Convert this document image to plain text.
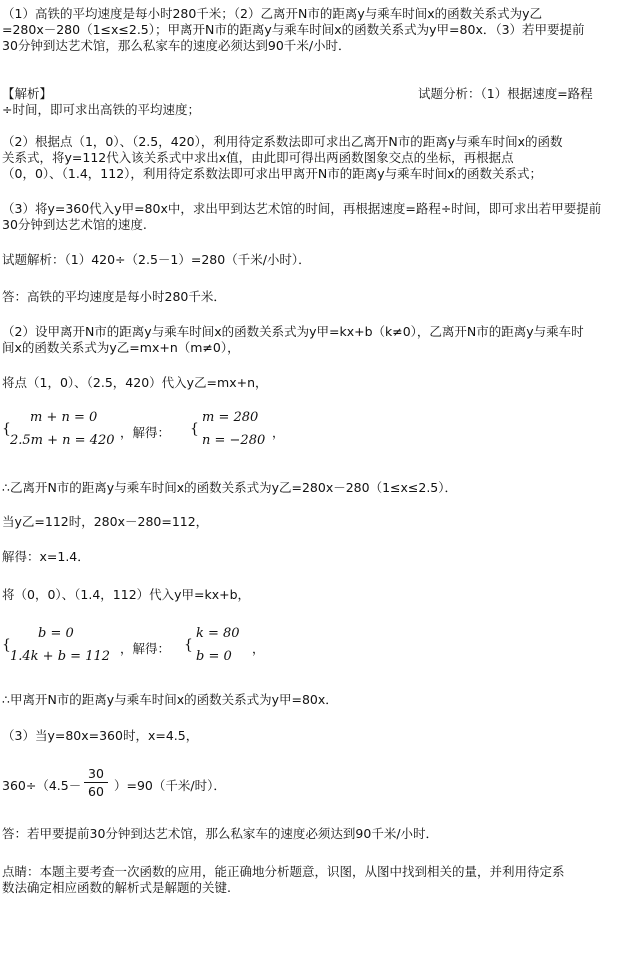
（1）高铁的平均速度是每小时280千米；（2）乙离开N市的距离y与乘车时间x的函数关系式为y乙
=280x－280（1≤x≤2.5）；甲离开N市的距离y与乘车时间x的函数关系式为y甲=80x．（3）若甲要提前
30分钟到达艺术馆，那么私家车的速度必须达到90千米/小时．
【解析】	试题分析：（1）根据速度=路程
÷时间，即可求出高铁的平均速度；
（2）根据点（1，0）、（2.5，420），利用待定系数法即可求出乙离开N市的距离y与乘车时间x的函数
关系式，将y=112代入该关系式中求出x值，由此即可得出两函数图象交点的坐标，再根据点
（0，0）、（1.4，112），利用待定系数法即可求出甲离开N市的距离y与乘车时间x的函数关系式；
（3）将y=360代入y甲=80x中，求出甲到达艺术馆的时间，再根据速度=路程÷时间，即可求出若甲要提前
30分钟到达艺术馆的速度.
试题解析：（1）420÷（2.5－1）=280（千米/小时）．
答：高铁的平均速度是每小时280千米．
（2）设甲离开N市的距离y与乘车时间x的函数关系式为y甲=kx+b（k≠0），乙离开N市的距离y与乘车时
间x的函数关系式为y乙=mx+n（m≠0），
将点（1，0）、（2.5，420）代入y乙=mx+n，
{
m + n = 0
2.5m + n = 420
，解得： {
m = 280
n = −280
，
∴乙离开N市的距离y与乘车时间x的函数关系式为y乙=280x－280（1≤x≤2.5）．
当y乙=112时，280x－280=112，
解得：x=1.4．
将（0，0）、（1.4，112）代入y甲=kx+b，
{
b = 0
1.4k + b = 112
，解得： {
k = 80
b = 0
，
∴甲离开N市的距离y与乘车时间x的函数关系式为y甲=80x．
（3）当y=80x=360时，x=4.5，
360÷（4.5－
30
60 ）=90（千米/时）．
答：若甲要提前30分钟到达艺术馆，那么私家车的速度必须达到90千米/小时．
点睛：本题主要考查一次函数的应用，能正确地分析题意，识图，从图中找到相关的量，并利用待定系
数法确定相应函数的解析式是解题的关键.
